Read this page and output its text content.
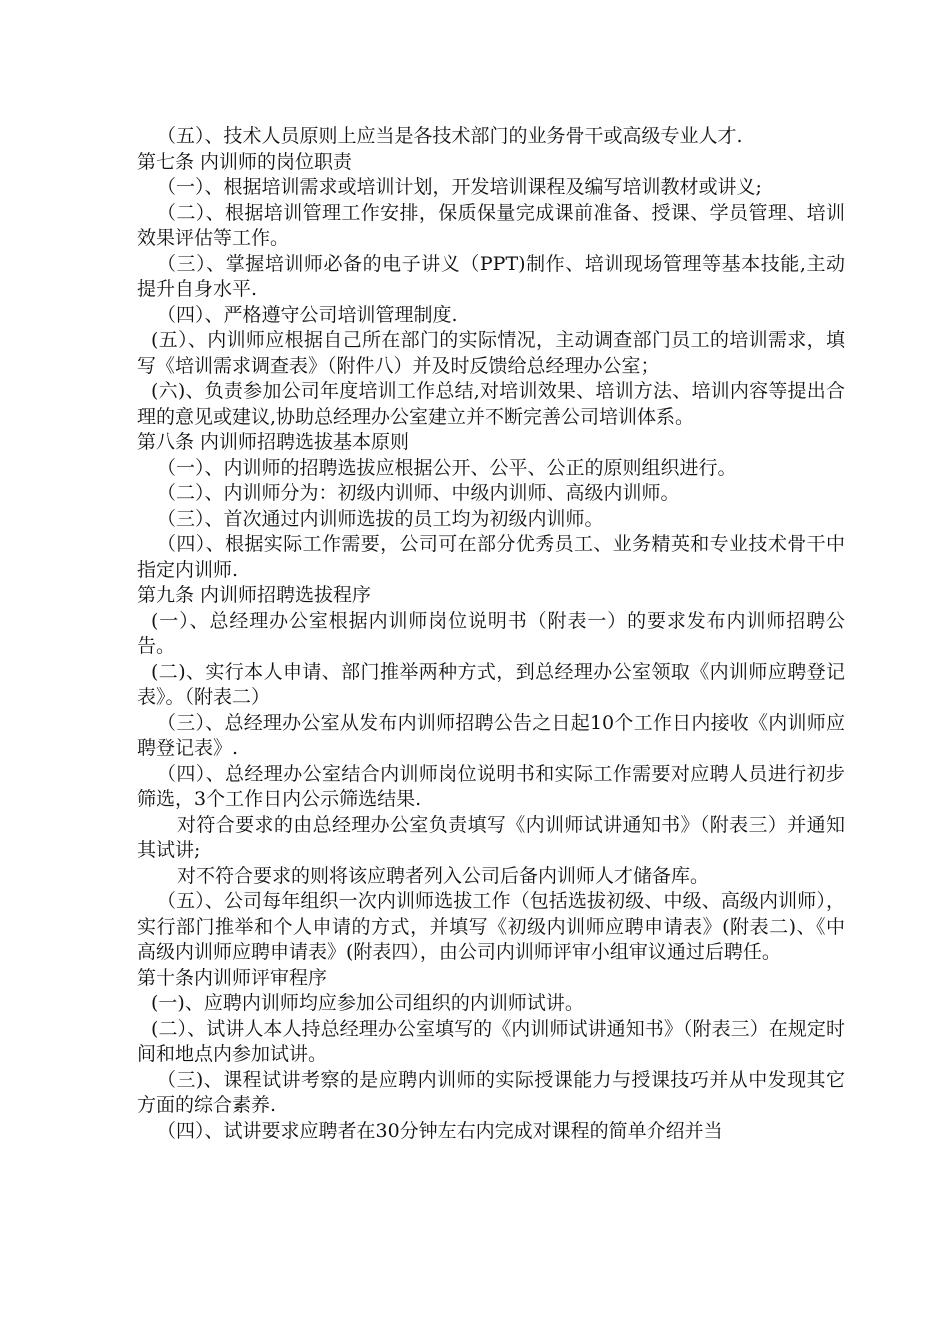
（五）、技术人员原则上应当是各技术部门的业务骨干或高级专业人才.

第七条 内训师的岗位职责

（一）、根据培训需求或培训计划，开发培训课程及编写培训教材或讲义;

（二）、根据培训管理工作安排，保质保量完成课前准备、授课、学员管理、培训效果评估等工作。

（三）、掌握培训师必备的电子讲义（PPT)制作、培训现场管理等基本技能,主动提升自身水平.

（四）、严格遵守公司培训管理制度.

(五）、内训师应根据自己所在部门的实际情况，主动调查部门员工的培训需求，填写《培训需求调查表》（附件八）并及时反馈给总经理办公室；

(六)、负责参加公司年度培训工作总结,对培训效果、培训方法、培训内容等提出合理的意见或建议,协助总经理办公室建立并不断完善公司培训体系。

第八条 内训师招聘选拔基本原则

（一）、内训师的招聘选拔应根据公开、公平、公正的原则组织进行。

（二）、内训师分为：初级内训师、中级内训师、高级内训师。

（三）、首次通过内训师选拔的员工均为初级内训师。

（四）、根据实际工作需要，公司可在部分优秀员工、业务精英和专业技术骨干中指定内训师.

第九条 内训师招聘选拔程序

(一）、总经理办公室根据内训师岗位说明书（附表一）的要求发布内训师招聘公告。

(二)、实行本人申请、部门推举两种方式，到总经理办公室领取《内训师应聘登记表》。（附表二）

（三）、总经理办公室从发布内训师招聘公告之日起10个工作日内接收《内训师应聘登记表》.

（四）、总经理办公室结合内训师岗位说明书和实际工作需要对应聘人员进行初步筛选，3个工作日内公示筛选结果.

对符合要求的由总经理办公室负责填写《内训师试讲通知书》（附表三）并通知其试讲;

对不符合要求的则将该应聘者列入公司后备内训师人才储备库。

（五）、公司每年组织一次内训师选拔工作（包括选拔初级、中级、高级内训师），实行部门推举和个人申请的方式，并填写《初级内训师应聘申请表》(附表二)、《中高级内训师应聘申请表》(附表四），由公司内训师评审小组审议通过后聘任。

第十条内训师评审程序

(一)、应聘内训师均应参加公司组织的内训师试讲。

(二）、试讲人本人持总经理办公室填写的《内训师试讲通知书》（附表三）在规定时间和地点内参加试讲。

（三)、课程试讲考察的是应聘内训师的实际授课能力与授课技巧并从中发现其它方面的综合素养.

（四）、试讲要求应聘者在30分钟左右内完成对课程的简单介绍并当
